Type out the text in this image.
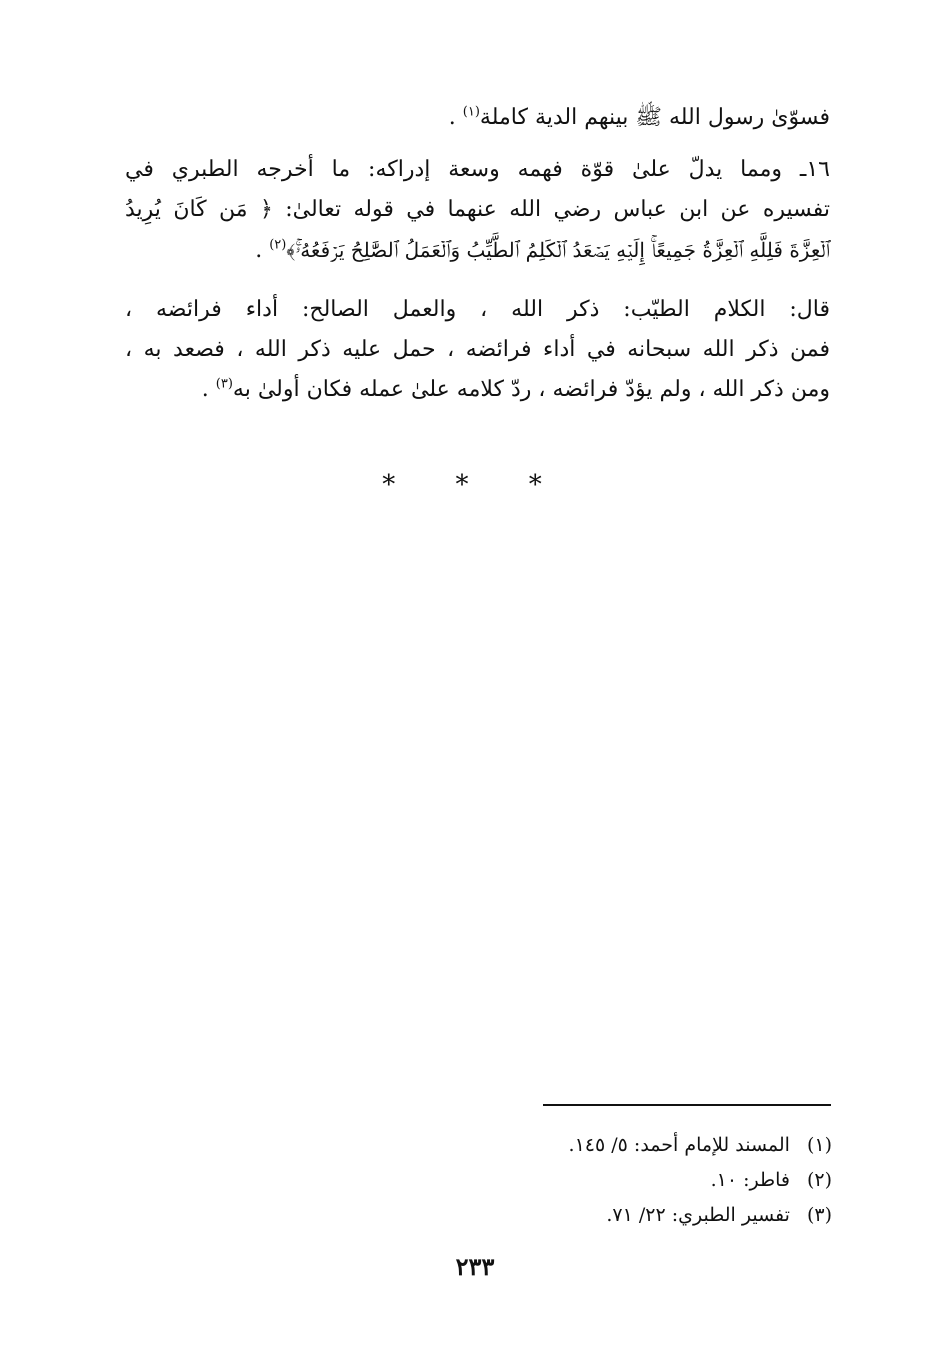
فسوّىٰ رسول الله ﷺ بينهم الدية كاملة$^{(١)}$ .
١٦ـ ومما يدلّ علىٰ قوّة فهمه وسعة إدراكه: ما أخرجه الطبري في
تفسيره عن ابن عباس رضي الله عنهما في قوله تعالىٰ: ﴿ مَن كَانَ يُرِيدُ
ٱلۡعِزَّةَ فَلِلَّهِ ٱلۡعِزَّةُ جَمِيعًاۚ إِلَيۡهِ يَصۡعَدُ ٱلۡكَلِمُ ٱلطَّيِّبُ وَٱلۡعَمَلُ ٱلصَّٰلِحُ يَرۡفَعُهُۥۚ﴾$^{(٢)}$ .
قال: الكلام الطيّب: ذكر الله ، والعمل الصالح: أداء فرائضه ،
فمن ذكر الله سبحانه في أداء فرائضه ، حمل عليه ذكر الله ، فصعد به ،
ومن ذكر الله ، ولم يؤدّ فرائضه ، ردّ كلامه علىٰ عمله فكان أولىٰ به$^{(٣)}$ .
* * *
(١) المسند للإمام أحمد: ٥/ ١٤٥.
(٢) فاطر: ١٠.
(٣) تفسير الطبري: ٢٢/ ٧١.
٢٣٣
